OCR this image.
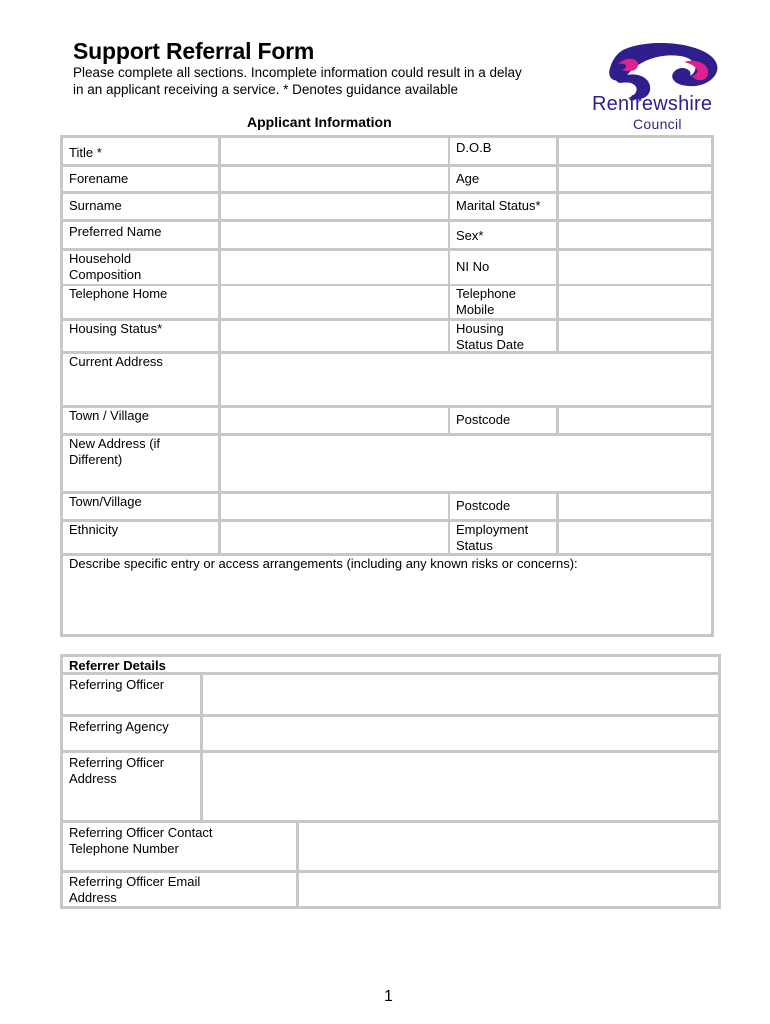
Support Referral Form
Please complete all sections. Incomplete information could result in a delay
in an applicant receiving a service. * Denotes guidance available
Renfrewshire
Council
Applicant Information
Title *	D.O.B
Forename	Age
Surname	Marital Status*
Preferred Name	Sex*
Household Composition	NI No
Telephone Home	Telephone Mobile
Housing Status*	Housing Status Date
Current Address
Town / Village	Postcode
New Address (if Different)
Town/Village	Postcode
Ethnicity	Employment Status
Describe specific entry or access arrangements (including any known risks or concerns):
Referrer Details
Referring Officer
Referring Agency
Referring Officer Address
Referring Officer Contact Telephone Number
Referring Officer Email Address
1
